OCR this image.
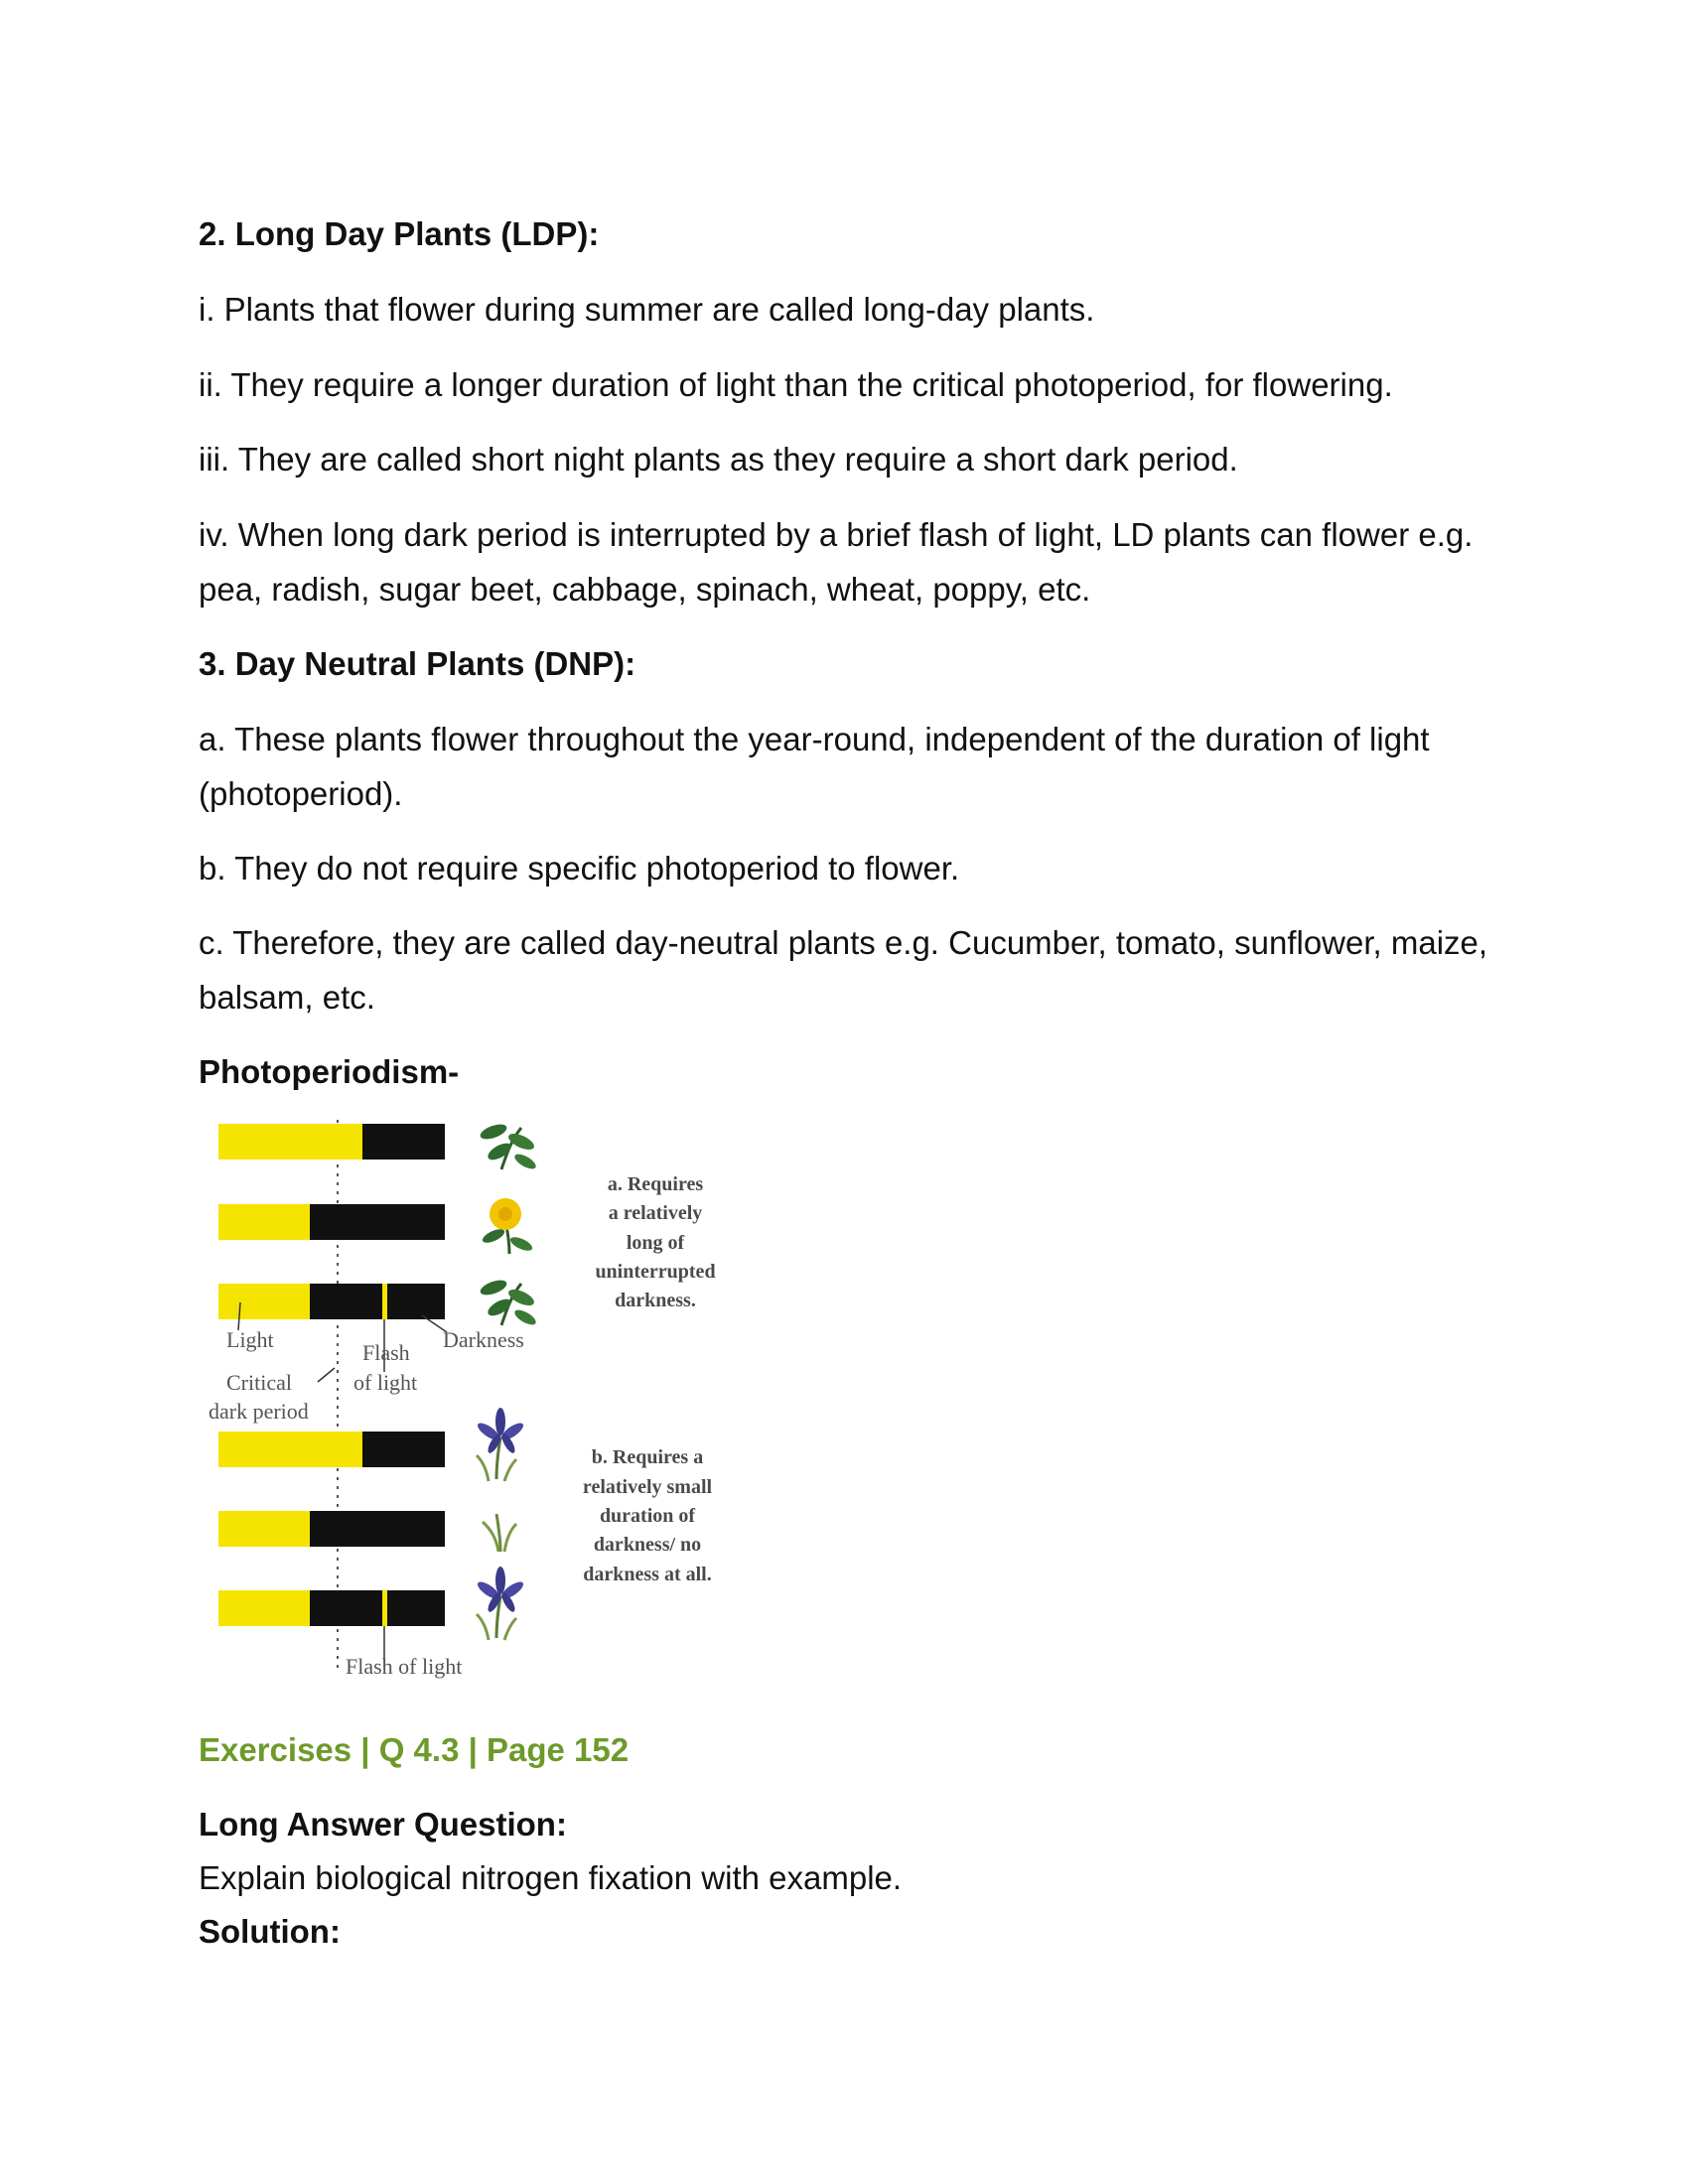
2. Long Day Plants (LDP):

i. Plants that flower during summer are called long-day plants.

ii. They require a longer duration of light than the critical photoperiod, for flowering.

iii. They are called short night plants as they require a short dark period.

iv. When long dark period is interrupted by a brief flash of light, LD plants can flower e.g. pea, radish, sugar beet, cabbage, spinach, wheat, poppy, etc.

3. Day Neutral Plants (DNP):

a. These plants flower throughout the year-round, independent of the duration of light (photoperiod).

b. They do not require specific photoperiod to flower.

c. Therefore, they are called day-neutral plants e.g. Cucumber, tomato, sunflower, maize, balsam, etc.

Photoperiodism-

Light
Flash
of light
Darkness
Critical
dark period
Flash of light
a. Requires
a relatively
long of
uninterrupted
darkness.
b. Requires a
relatively small
duration of
darkness/ no
darkness at all.

Exercises | Q 4.3 | Page 152

Long Answer Question:

Explain biological nitrogen fixation with example.

Solution:
